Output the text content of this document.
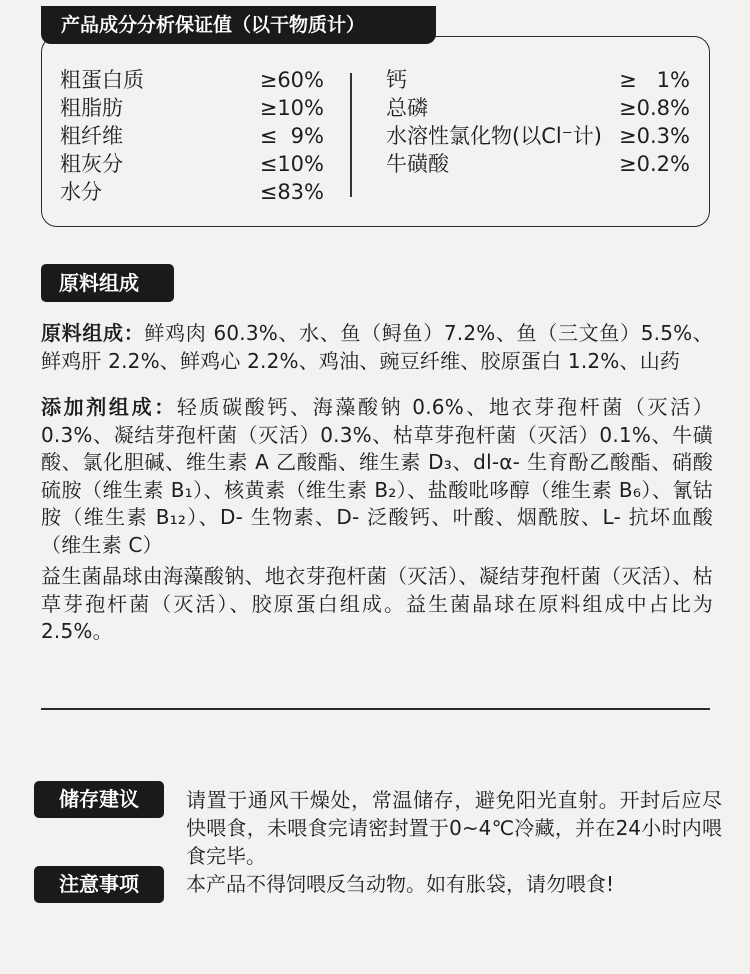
产品成分分析保证值（以干物质计）
粗蛋白质	≥60%
粗脂肪	≥10%
粗纤维	≤  9%
粗灰分	≤10%
水分	≤83%
钙	≥   1%
总磷	≥0.8%
水溶性氯化物(以Cl⁻计) ≥0.3%
牛磺酸	≥0.2%
原料组成
原料组成：鲜鸡肉 60.3%、水、鱼（鲟鱼）7.2%、鱼（三文鱼）5.5%、鲜鸡肝 2.2%、鲜鸡心 2.2%、鸡油、豌豆纤维、胶原蛋白 1.2%、山药
添加剂组成：轻质碳酸钙、海藻酸钠 0.6%、地衣芽孢杆菌（灭活）0.3%、凝结芽孢杆菌（灭活）0.3%、枯草芽孢杆菌（灭活）0.1%、牛磺酸、氯化胆碱、维生素 A 乙酸酯、维生素 D₃、dl-α- 生育酚乙酸酯、硝酸硫胺（维生素 B₁）、核黄素（维生素 B₂）、盐酸吡哆醇（维生素 B₆）、氰钴胺（维生素 B₁₂）、D- 生物素、D- 泛酸钙、叶酸、烟酰胺、L- 抗坏血酸（维生素 C）
益生菌晶球由海藻酸钠、地衣芽孢杆菌（灭活）、凝结芽孢杆菌（灭活）、枯草芽孢杆菌（灭活）、胶原蛋白组成。益生菌晶球在原料组成中占比为 2.5%。
储存建议	请置于通风干燥处，常温储存，避免阳光直射。开封后应尽快喂食，未喂食完请密封置于0~4℃冷藏，并在24小时内喂食完毕。
注意事项	本产品不得饲喂反刍动物。如有胀袋，请勿喂食!
